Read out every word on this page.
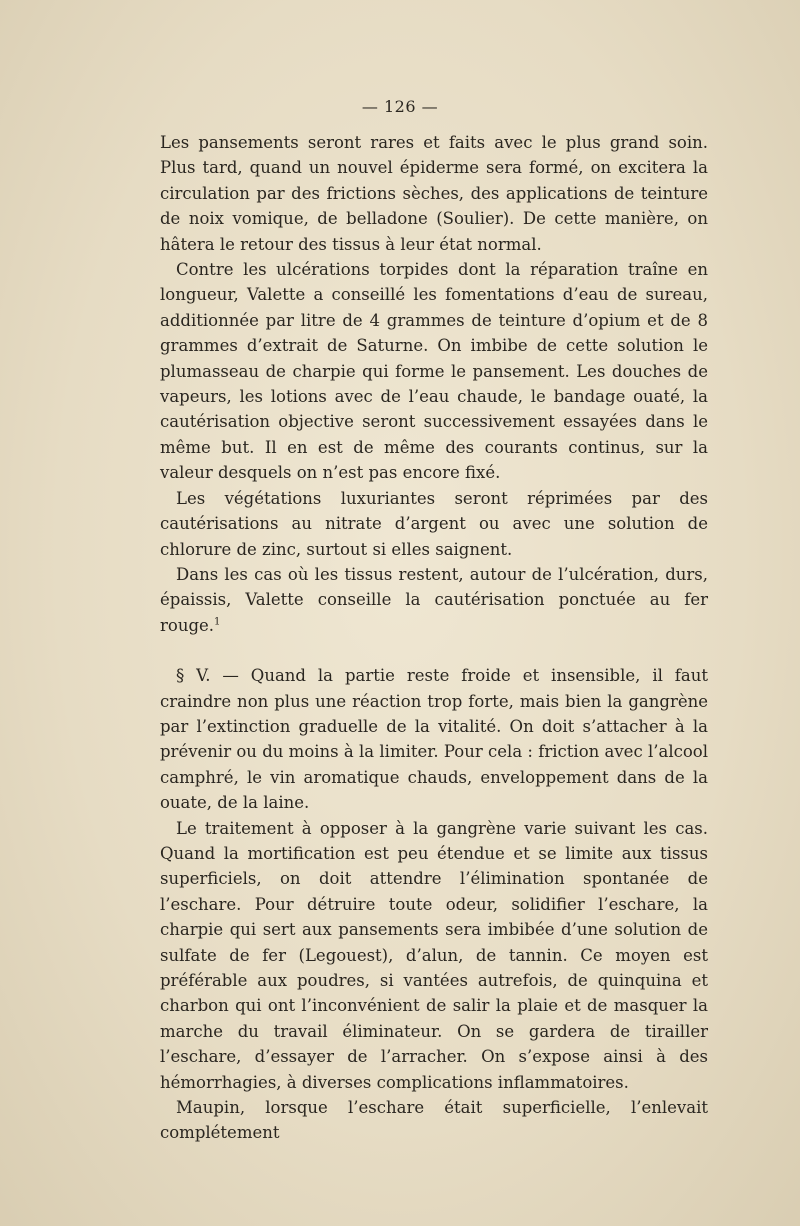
— 126 —

Les pansements seront rares et faits avec le plus grand soin. Plus tard, quand un nouvel épiderme sera formé, on excitera la circulation par des frictions sèches, des applications de teinture de noix vomique, de belladone (Soulier). De cette manière, on hâtera le retour des tissus à leur état normal.

Contre les ulcérations torpides dont la réparation traîne en longueur, Valette a conseillé les fomentations d’eau de sureau, additionnée par litre de 4 grammes de teinture d’opium et de 8 grammes d’extrait de Saturne. On imbibe de cette solution le plumasseau de charpie qui forme le pansement. Les douches de vapeurs, les lotions avec de l’eau chaude, le bandage ouaté, la cautérisation objective seront successivement essayées dans le même but. Il en est de même des courants continus, sur la valeur desquels on n’est pas encore fixé.

Les végétations luxuriantes seront réprimées par des cautérisations au nitrate d’argent ou avec une solution de chlorure de zinc, surtout si elles saignent.

Dans les cas où les tissus restent, autour de l’ulcération, durs, épaissis, Valette conseille la cautérisation ponctuée au fer rouge.$^1$

§ V. — Quand la partie reste froide et insensible, il faut craindre non plus une réaction trop forte, mais bien la gangrène par l’extinction graduelle de la vitalité. On doit s’attacher à la prévenir ou du moins à la limiter. Pour cela : friction avec l’alcool camphré, le vin aromatique chauds, enveloppement dans de la ouate, de la laine.

Le traitement à opposer à la gangrène varie suivant les cas. Quand la mortification est peu étendue et se limite aux tissus superficiels, on doit attendre l’élimination spontanée de l’eschare. Pour détruire toute odeur, solidifier l’eschare, la charpie qui sert aux pansements sera imbibée d’une solution de sulfate de fer (Legouest), d’alun, de tannin. Ce moyen est préférable aux poudres, si vantées autrefois, de quinquina et charbon qui ont l’inconvénient de salir la plaie et de masquer la marche du travail éliminateur. On se gardera de tirailler l’eschare, d’essayer de l’arracher. On s’expose ainsi à des hémorrhagies, à diverses complications inflammatoires.

Maupin, lorsque l’eschare était superficielle, l’enlevait complétement
